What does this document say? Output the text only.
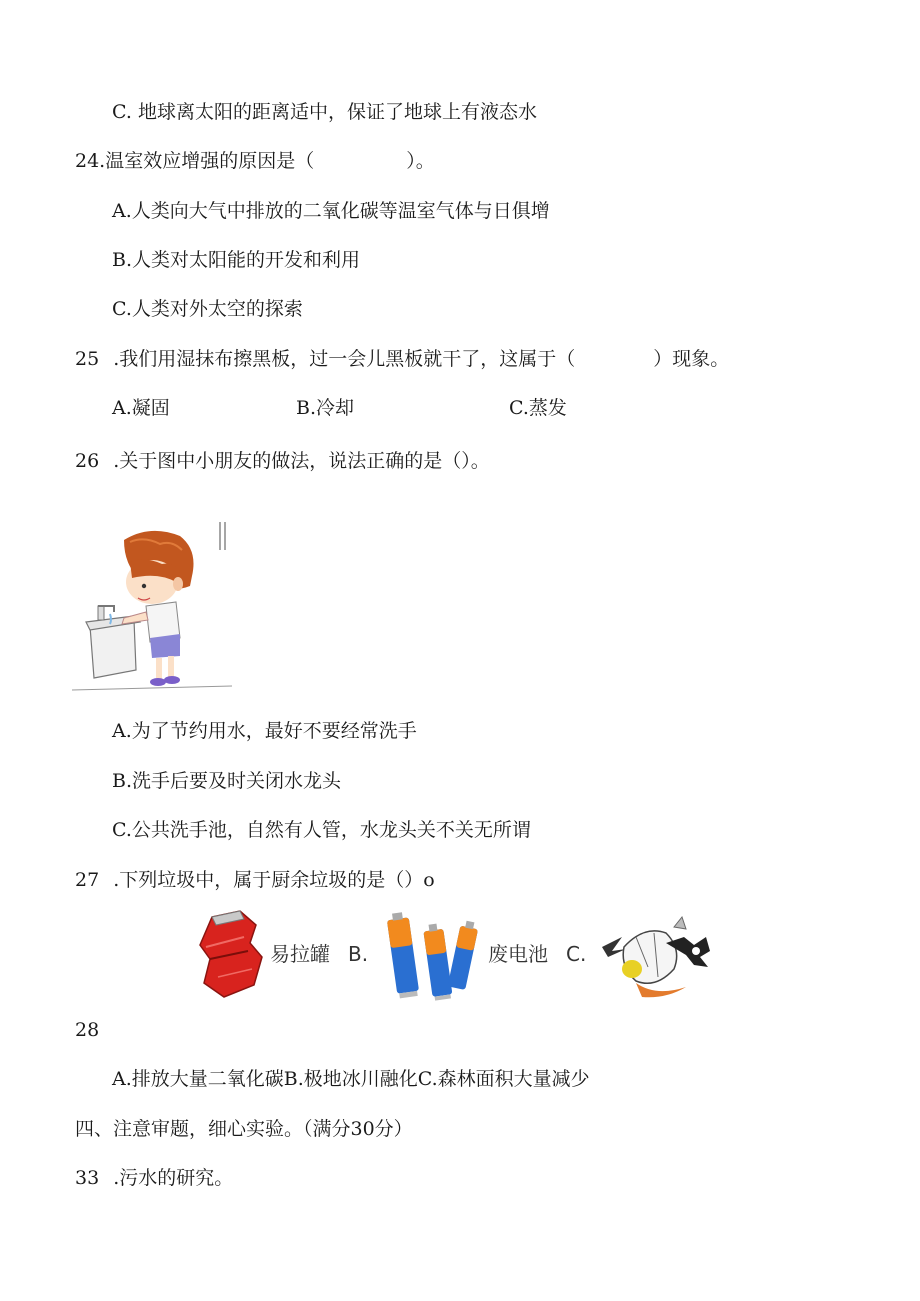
C. 地球离太阳的距离适中，保证了地球上有液态水
24.温室效应增强的原因是（	）。
A.人类向大气中排放的二氧化碳等温室气体与日俱增
B.人类对太阳能的开发和利用
C.人类对外太空的探索
25 .我们用湿抹布擦黑板，过一会儿黑板就干了，这属于（	）现象。
A.凝固	B.冷却	C.蒸发
26 .关于图中小朋友的做法，说法正确的是（）。
A.为了节约用水，最好不要经常洗手
B.洗手后要及时关闭水龙头
C.公共洗手池，自然有人管，水龙头关不关无所谓
27 .下列垃圾中，属于厨余垃圾的是（）o
易拉罐 B.	废电池 C.
28
A.排放大量二氧化碳B.极地冰川融化C.森林面积大量减少
四、注意审题，细心实验。（满分30分）
33 .污水的研究。
